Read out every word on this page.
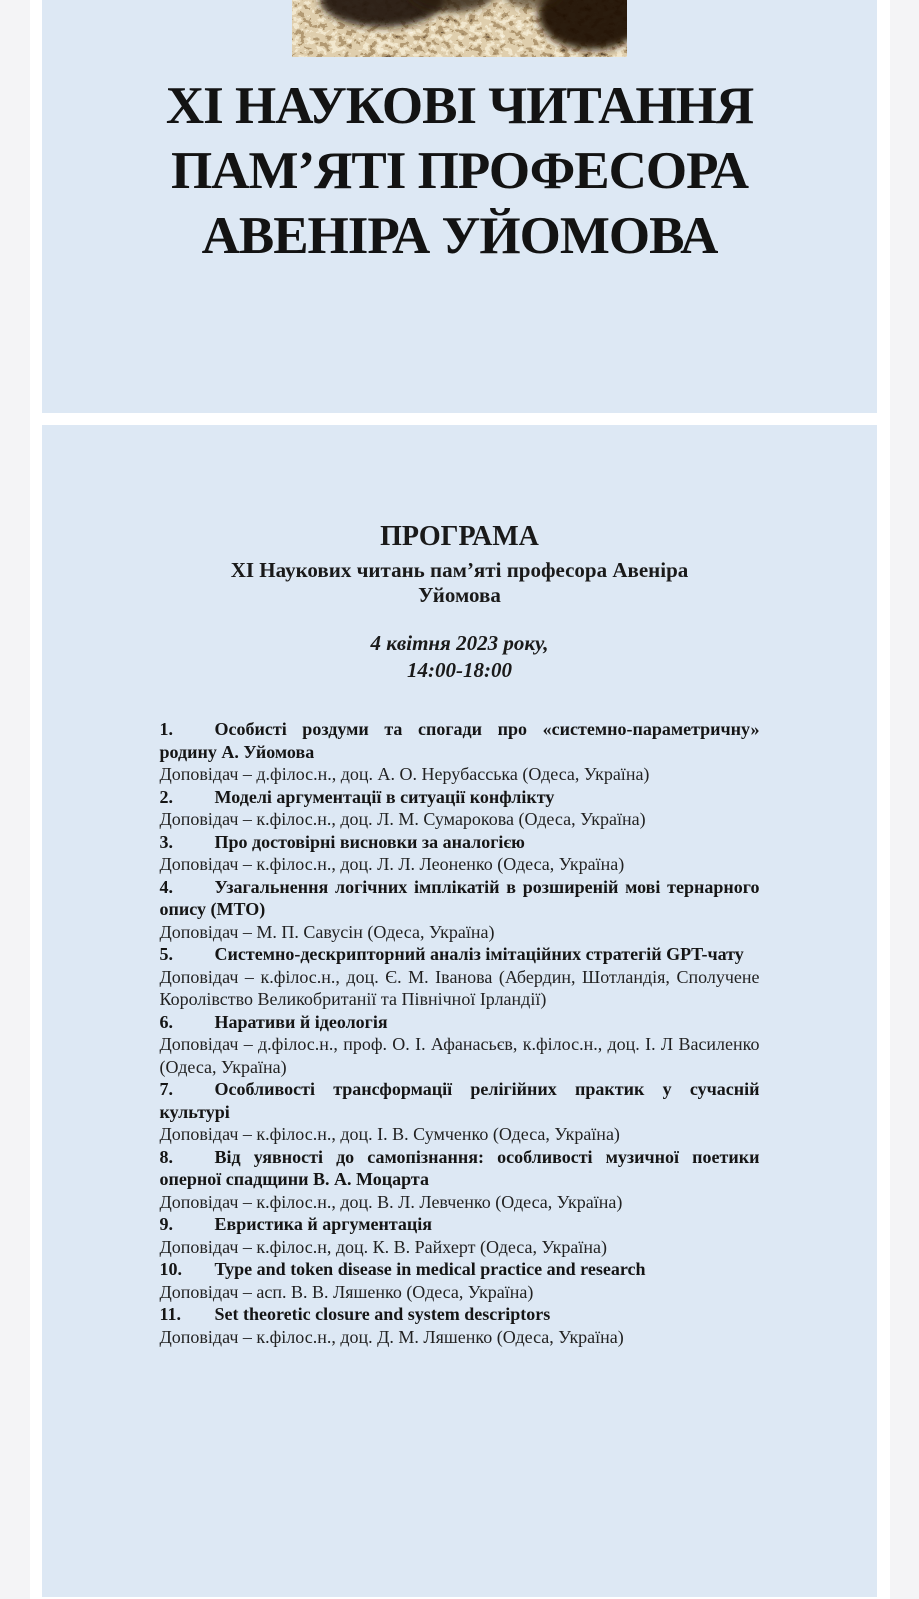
ХІ НАУКОВІ ЧИТАННЯ
ПАМ’ЯТІ ПРОФЕСОРА
АВЕНІРА УЙОМОВА
ПРОГРАМА
ХІ Наукових читань пам’яті професора Авеніра
Уйомова
4 квітня 2023 року,
14:00-18:00

1. Особисті роздуми та спогади про «системно-параметричну» родину А. Уйомова

Доповідач – д.філос.н., доц. А. О. Нерубасська (Одеса, Україна)

2. Моделі аргументації в ситуації конфлікту

Доповідач – к.філос.н., доц. Л. М. Сумарокова (Одеса, Україна)

3. Про достовірні висновки за аналогією

Доповідач – к.філос.н., доц. Л. Л. Леоненко (Одеса, Україна)

4. Узагальнення логічних імплікатій в розширеній мові тернарного опису (МТО)

Доповідач – М. П. Савусін (Одеса, Україна)

5. Системно-дескрипторний аналіз імітаційних стратегій GPT-чату

Доповідач – к.філос.н., доц. Є. М. Іванова (Абердин, Шотландія, Сполучене Королівство Великобританії та Північної Ірландії)

6. Наративи й ідеологія

Доповідач – д.філос.н., проф. О. І. Афанасьєв, к.філос.н., доц. І. Л Василенко (Одеса, Україна)

7. Особливості трансформації релігійних практик у сучасній культурі

Доповідач – к.філос.н., доц. І. В. Сумченко (Одеса, Україна)

8. Від уявності до самопізнання: особливості музичної поетики оперної спадщини В. А. Моцарта

Доповідач – к.філос.н., доц. В. Л. Левченко (Одеса, Україна)

9. Евристика й аргументація

Доповідач – к.філос.н, доц. К. В. Райхерт (Одеса, Україна)

10. Type and token disease in medical practice and research

Доповідач – асп. В. В. Ляшенко (Одеса, Україна)

11. Set theoretic closure and system descriptors

Доповідач – к.філос.н., доц. Д. М. Ляшенко (Одеса, Україна)
